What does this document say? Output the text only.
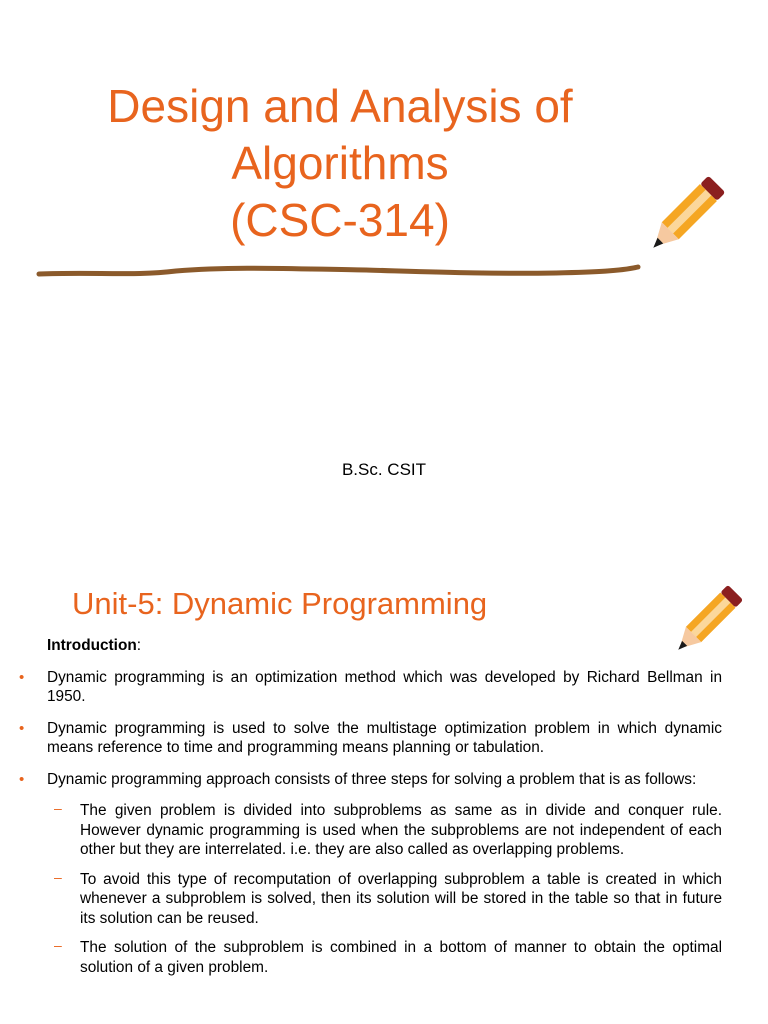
Design and Analysis of
Algorithms
(CSC-314)
B.Sc. CSIT
Unit-5: Dynamic Programming
Introduction:
• Dynamic programming is an optimization method which was developed by Richard Bellman in 1950.
• Dynamic programming is used to solve the multistage optimization problem in which dynamic means reference to time and programming means planning or tabulation.
• Dynamic programming approach consists of three steps for solving a problem that is as follows:
– The given problem is divided into subproblems as same as in divide and conquer rule. However dynamic programming is used when the subproblems are not independent of each other but they are interrelated. i.e. they are also called as overlapping problems.
– To avoid this type of recomputation of overlapping subproblem a table is created in which whenever a subproblem is solved, then its solution will be stored in the table so that in future its solution can be reused.
– The solution of the subproblem is combined in a bottom of manner to obtain the optimal solution of a given problem.
